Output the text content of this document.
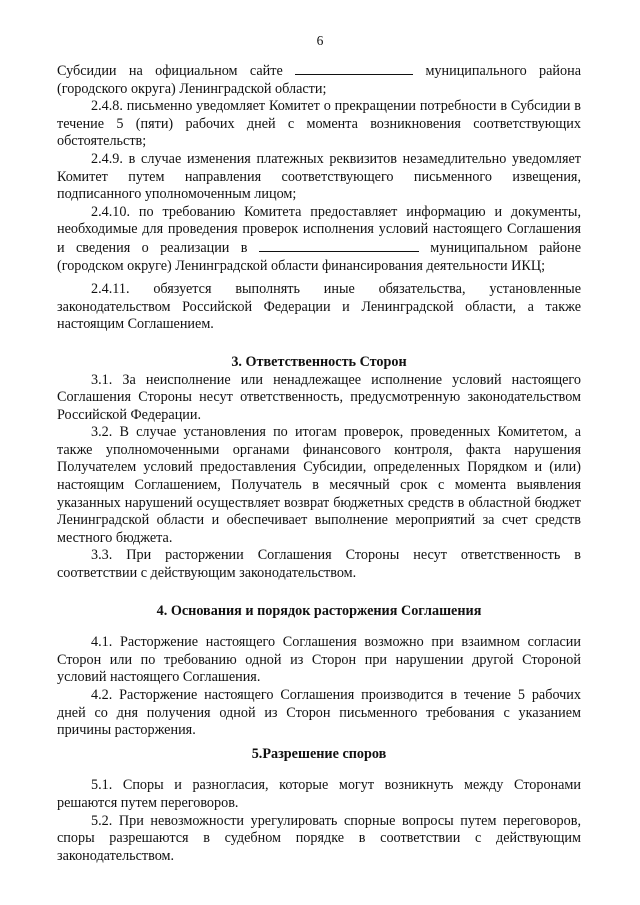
6

Субсидии на официальном сайте	муниципального района (городского округа) Ленинградской области;

2.4.8. письменно уведомляет Комитет о прекращении потребности в Субсидии в течение 5 (пяти) рабочих дней с момента возникновения соответствующих обстоятельств;

2.4.9. в случае изменения платежных реквизитов незамедлительно уведомляет Комитет путем направления соответствующего письменного извещения, подписанного уполномоченным лицом;

2.4.10. по требованию Комитета предоставляет информацию и документы, необходимые для проведения проверок исполнения условий настоящего Соглашения и сведения о реализации в	муниципальном районе (городском округе) Ленинградской области финансирования деятельности ИКЦ;

2.4.11. обязуется выполнять иные обязательства, установленные законодательством Российской Федерации и Ленинградской области, а также настоящим Соглашением.

3. Ответственность Сторон

3.1. За неисполнение или ненадлежащее исполнение условий настоящего Соглашения Стороны несут ответственность, предусмотренную законодательством Российской Федерации.

3.2. В случае установления по итогам проверок, проведенных Комитетом, а также уполномоченными органами финансового контроля, факта нарушения Получателем условий предоставления Субсидии, определенных Порядком и (или) настоящим Соглашением, Получатель в месячный срок с момента выявления указанных нарушений осуществляет возврат бюджетных средств в областной бюджет Ленинградской области и обеспечивает выполнение мероприятий за счет средств местного бюджета.

3.3. При расторжении Соглашения Стороны несут ответственность в соответствии с действующим законодательством.

4. Основания и порядок расторжения Соглашения

4.1. Расторжение настоящего Соглашения возможно при взаимном согласии Сторон или по требованию одной из Сторон при нарушении другой Стороной условий настоящего Соглашения.

4.2. Расторжение настоящего Соглашения производится в течение 5 рабочих дней со дня получения одной из Сторон письменного требования с указанием причины расторжения.

5.Разрешение споров

5.1. Споры и разногласия, которые могут возникнуть между Сторонами решаются путем переговоров.

5.2. При невозможности урегулировать спорные вопросы путем переговоров, споры разрешаются в судебном порядке в соответствии с действующим законодательством.
